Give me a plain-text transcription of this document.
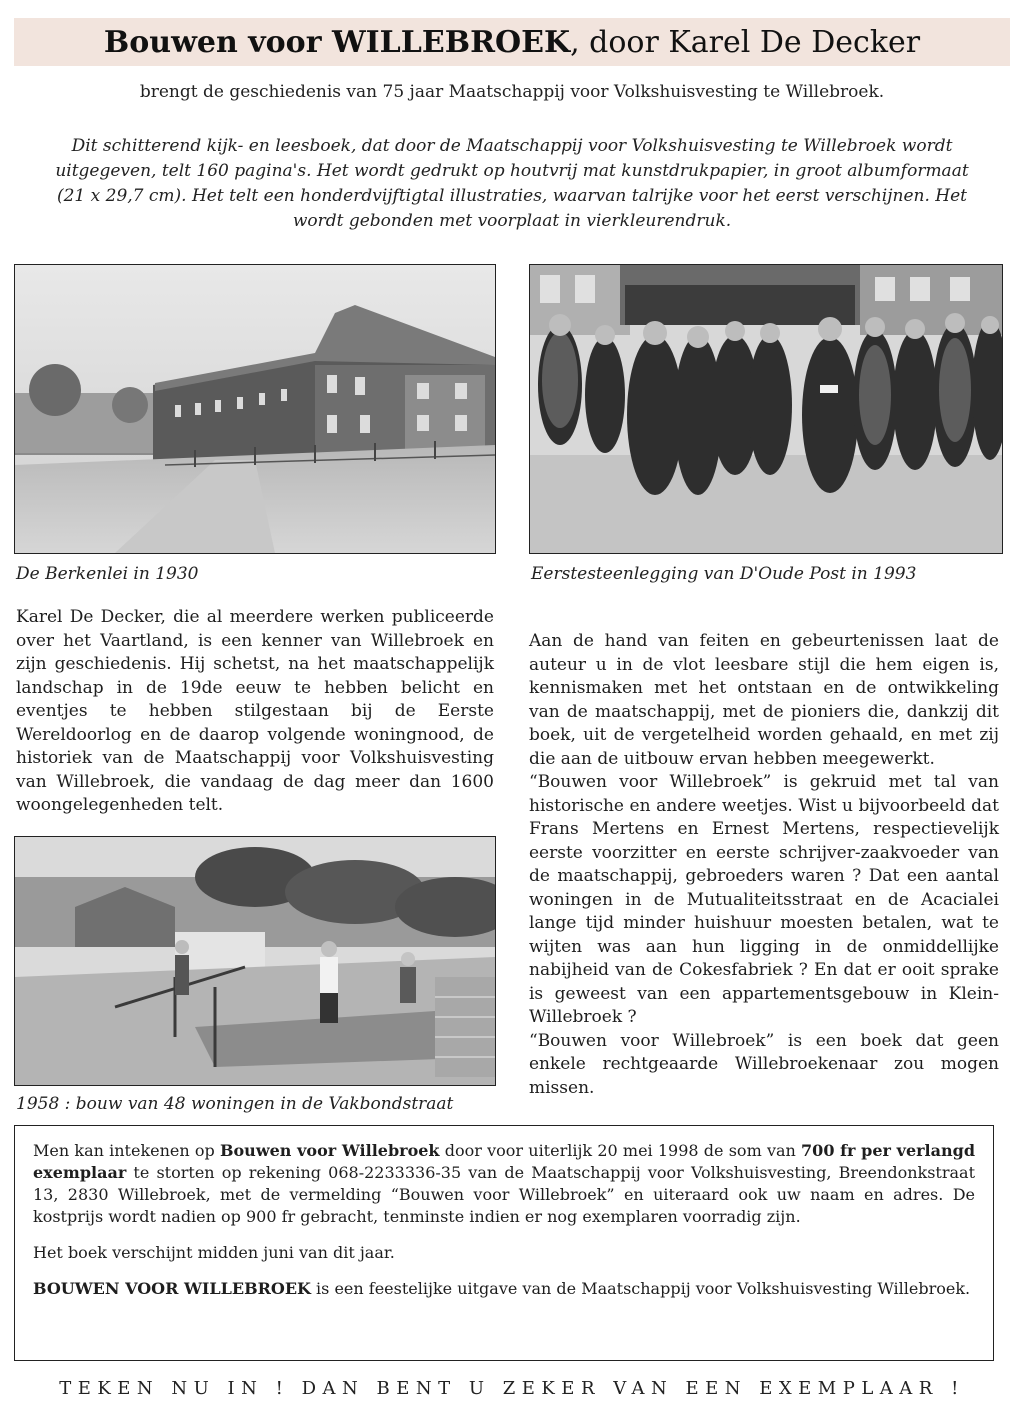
Bouwen voor WILLEBROEK, door Karel De Decker
brengt de geschiedenis van 75 jaar Maatschappij voor Volkshuisvesting te Willebroek.
Dit schitterend kijk- en leesboek, dat door de Maatschappij voor Volkshuisvesting te Willebroek wordt uitgegeven, telt 160 pagina's. Het wordt gedrukt op houtvrij mat kunstdrukpapier, in groot albumformaat (21 x 29,7 cm). Het telt een honderdvijftigtal illustraties, waarvan talrijke voor het eerst verschijnen. Het wordt gebonden met voorplaat in vierkleurendruk.
De Berkenlei in 1930	Eerstesteenlegging van D'Oude Post in 1993

Karel De Decker, die al meerdere werken publiceerde over het Vaartland, is een kenner van Willebroek en zijn geschiedenis. Hij schetst, na het maatschappelijk landschap in de 19de eeuw te hebben belicht en eventjes te hebben stilgestaan bij de Eerste Wereldoorlog en de daarop volgende woningnood, de historiek van de Maatschappij voor Volkshuisvesting van Willebroek, die vandaag de dag meer dan 1600 woongelegenheden telt.

1958 : bouw van 48 woningen in de Vakbondstraat

Aan de hand van feiten en gebeurtenissen laat de auteur u in de vlot leesbare stijl die hem eigen is, kennismaken met het ontstaan en de ontwikkeling van de maatschappij, met de pioniers die, dankzij dit boek, uit de vergetelheid worden gehaald, en met zij die aan de uitbouw ervan hebben meegewerkt.

“Bouwen voor Willebroek” is gekruid met tal van historische en andere weetjes. Wist u bijvoorbeeld dat Frans Mertens en Ernest Mertens, respectievelijk eerste voorzitter en eerste schrijver-zaakvoeder van de maatschappij, gebroeders waren ? Dat een aantal woningen in de Mutualiteitsstraat en de Acacialei lange tijd minder huishuur moesten betalen, wat te wijten was aan hun ligging in de onmiddellijke nabijheid van de Cokesfabriek ? En dat er ooit sprake is geweest van een appartementsgebouw in Klein-Willebroek ?

“Bouwen voor Willebroek” is een boek dat geen enkele rechtgeaarde Willebroekenaar zou mogen missen.

Men kan intekenen op Bouwen voor Willebroek door voor uiterlijk 20 mei 1998 de som van 700 fr per verlangd exemplaar te storten op rekening 068-2233336-35 van de Maatschappij voor Volkshuisvesting, Breendonkstraat 13, 2830 Willebroek, met de vermelding “Bouwen voor Willebroek” en uiteraard ook uw naam en adres. De kostprijs wordt nadien op 900 fr gebracht, tenminste indien er nog exemplaren voorradig zijn.

Het boek verschijnt midden juni van dit jaar.

BOUWEN VOOR WILLEBROEK is een feestelijke uitgave van de Maatschappij voor Volkshuisvesting Willebroek.

TEKEN NU IN ! DAN BENT U ZEKER VAN EEN EXEMPLAAR !
